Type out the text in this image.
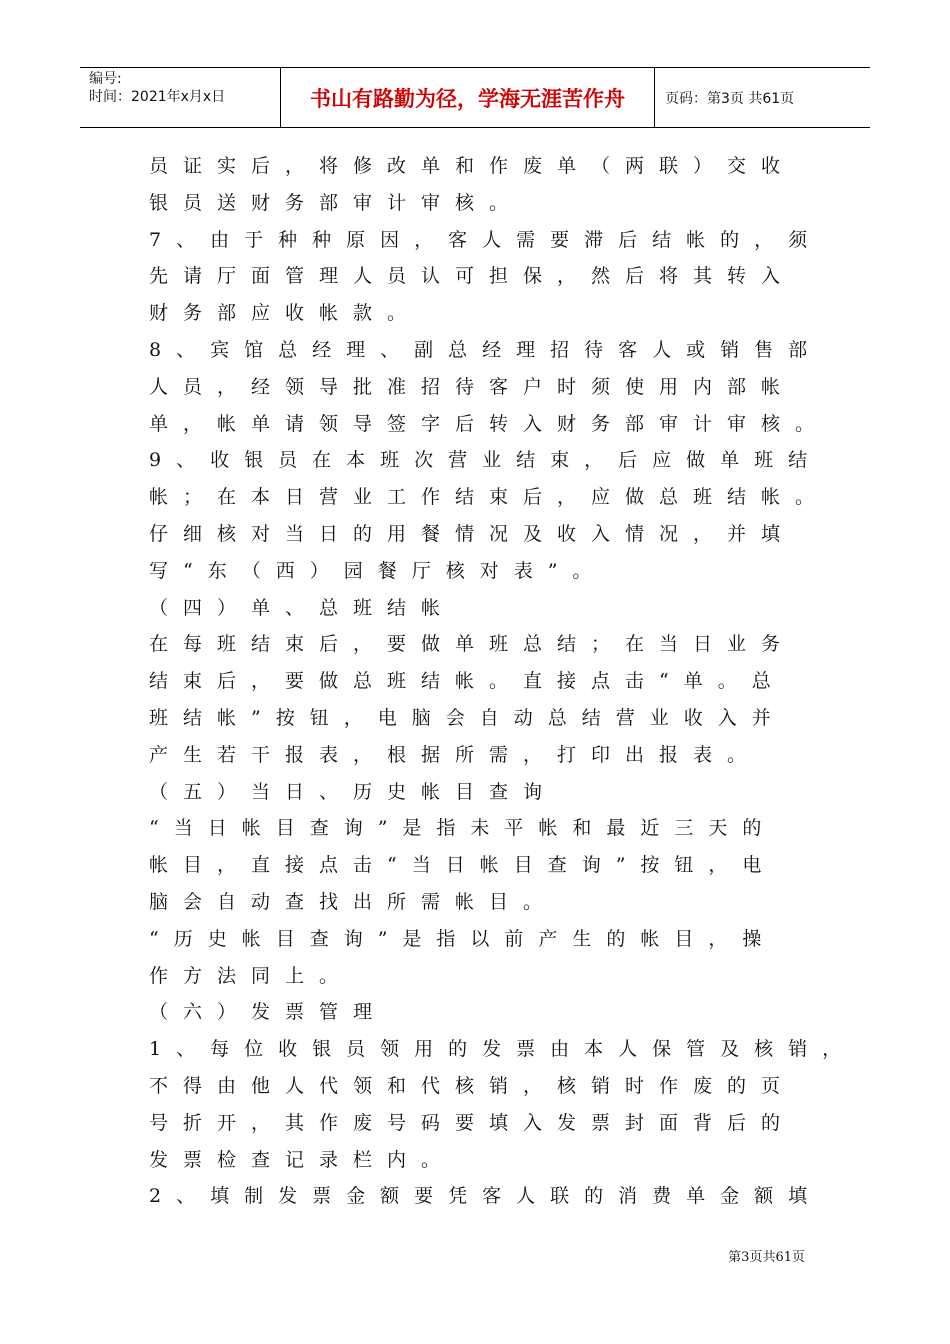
编号:
时间：2021年x月x日	书山有路勤为径，学海无涯苦作舟	页码：第3页 共61页
员证实后，将修改单和作废单（两联）交收
银员送财务部审计审核。
7、由于种种原因，客人需要滞后结帐的，须
先请厅面管理人员认可担保，然后将其转入
财务部应收帐款。
8、宾馆总经理、副总经理招待客人或销售部
人员，经领导批准招待客户时须使用内部帐
单，帐单请领导签字后转入财务部审计审核。
9、收银员在本班次营业结束，后应做单班结
帐；在本日营业工作结束后，应做总班结帐。
仔细核对当日的用餐情况及收入情况，并填
写“东（西）园餐厅核对表”。
（四）单、总班结帐
在每班结束后，要做单班总结；在当日业务
结束后，要做总班结帐。直接点击“单。总
班结帐”按钮，电脑会自动总结营业收入并
产生若干报表，根据所需，打印出报表。
（五）当日、历史帐目查询
“当日帐目查询”是指未平帐和最近三天的
帐目，直接点击“当日帐目查询”按钮，电
脑会自动查找出所需帐目。
“历史帐目查询”是指以前产生的帐目，操
作方法同上。
（六）发票管理
1、每位收银员领用的发票由本人保管及核销，
不得由他人代领和代核销，核销时作废的页
号折开，其作废号码要填入发票封面背后的
发票检查记录栏内。
2、填制发票金额要凭客人联的消费单金额填
第3页共61页
